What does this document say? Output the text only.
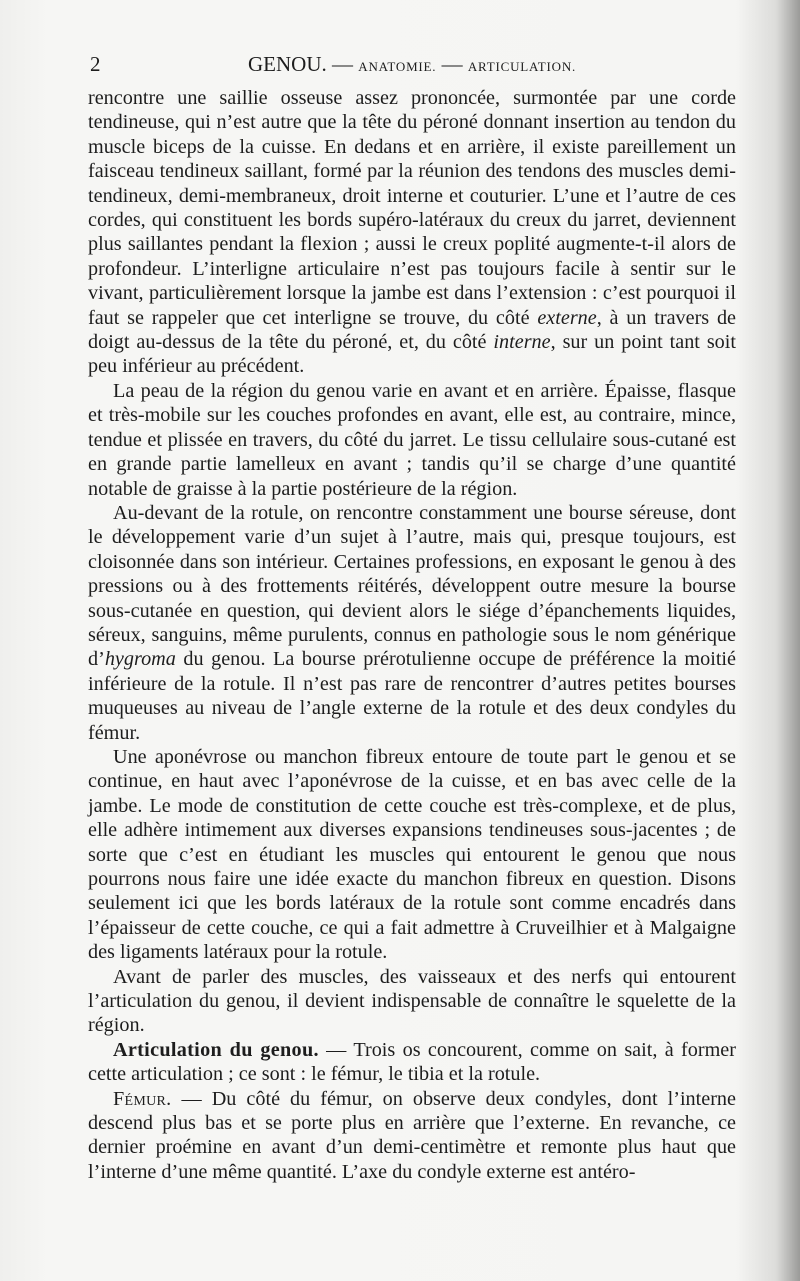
2	GENOU. — ANATOMIE. — ARTICULATION.

rencontre une saillie osseuse assez prononcée, surmontée par une corde tendineuse, qui n’est autre que la tête du péroné donnant insertion au tendon du muscle biceps de la cuisse. En dedans et en arrière, il existe pareillement un faisceau tendineux saillant, formé par la réunion des tendons des muscles demi-tendineux, demi-membraneux, droit interne et couturier. L’une et l’autre de ces cordes, qui constituent les bords supéro-latéraux du creux du jarret, deviennent plus saillantes pendant la flexion ; aussi le creux poplité augmente-t-il alors de profondeur. L’interligne articulaire n’est pas toujours facile à sentir sur le vivant, particulièrement lorsque la jambe est dans l’extension : c’est pourquoi il faut se rappeler que cet interligne se trouve, du côté externe, à un travers de doigt au-dessus de la tête du péroné, et, du côté interne, sur un point tant soit peu inférieur au précédent.

La peau de la région du genou varie en avant et en arrière. Épaisse, flasque et très-mobile sur les couches profondes en avant, elle est, au contraire, mince, tendue et plissée en travers, du côté du jarret. Le tissu cellulaire sous-cutané est en grande partie lamelleux en avant ; tandis qu’il se charge d’une quantité notable de graisse à la partie postérieure de la région.

Au-devant de la rotule, on rencontre constamment une bourse séreuse, dont le développement varie d’un sujet à l’autre, mais qui, presque toujours, est cloisonnée dans son intérieur. Certaines professions, en exposant le genou à des pressions ou à des frottements réitérés, développent outre mesure la bourse sous-cutanée en question, qui devient alors le siége d’épanchements liquides, séreux, sanguins, même purulents, connus en pathologie sous le nom générique d’hygroma du genou. La bourse prérotulienne occupe de préférence la moitié inférieure de la rotule. Il n’est pas rare de rencontrer d’autres petites bourses muqueuses au niveau de l’angle externe de la rotule et des deux condyles du fémur.

Une aponévrose ou manchon fibreux entoure de toute part le genou et se continue, en haut avec l’aponévrose de la cuisse, et en bas avec celle de la jambe. Le mode de constitution de cette couche est très-complexe, et de plus, elle adhère intimement aux diverses expansions tendineuses sous-jacentes ; de sorte que c’est en étudiant les muscles qui entourent le genou que nous pourrons nous faire une idée exacte du manchon fibreux en question. Disons seulement ici que les bords latéraux de la rotule sont comme encadrés dans l’épaisseur de cette couche, ce qui a fait admettre à Cruveilhier et à Malgaigne des ligaments latéraux pour la rotule.

Avant de parler des muscles, des vaisseaux et des nerfs qui entourent l’articulation du genou, il devient indispensable de connaître le squelette de la région.

Articulation du genou. — Trois os concourent, comme on sait, à former cette articulation ; ce sont : le fémur, le tibia et la rotule.

Fémur. — Du côté du fémur, on observe deux condyles, dont l’interne descend plus bas et se porte plus en arrière que l’externe. En revanche, ce dernier proémine en avant d’un demi-centimètre et remonte plus haut que l’interne d’une même quantité. L’axe du condyle externe est antéro-
